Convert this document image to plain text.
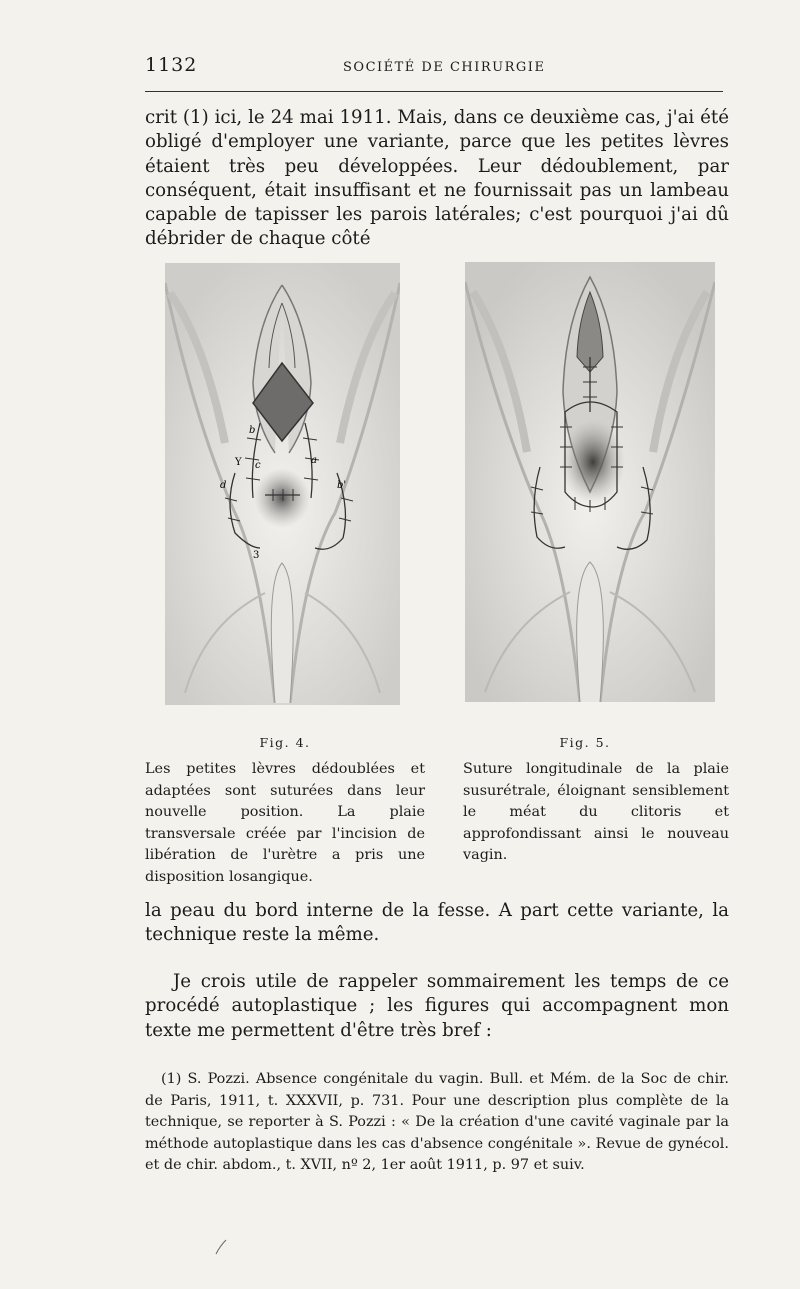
1132	SOCIÉTÉ DE CHIRURGIE

crit (1) ici, le 24 mai 1911. Mais, dans ce deuxième cas, j'ai été obligé d'employer une variante, parce que les petites lèvres étaient très peu développées. Leur dédoublement, par conséquent, était insuffisant et ne fournissait pas un lambeau capable de tapisser les parois latérales; c'est pourquoi j'ai dû débrider de chaque côté

b
c	a
d
Y
b'
3
Fig. 4.	Fig. 5.

Les petites lèvres dédoublées et adaptées sont suturées dans leur nouvelle position. La plaie transversale créée par l'incision de libération de l'urètre a pris une disposition losangique.

Suture longitudinale de la plaie susurétrale, éloignant sensiblement le méat du clitoris et approfondissant ainsi le nouveau vagin.

la peau du bord interne de la fesse. A part cette variante, la technique reste la même.

Je crois utile de rappeler sommairement les temps de ce procédé autoplastique ; les figures qui accompagnent mon texte me permettent d'être très bref :

(1) S. Pozzi. Absence congénitale du vagin. Bull. et Mém. de la Soc de chir. de Paris, 1911, t. XXXVII, p. 731. Pour une description plus complète de la technique, se reporter à S. Pozzi : « De la création d'une cavité vaginale par la méthode autoplastique dans les cas d'absence congénitale ». Revue de gynécol. et de chir. abdom., t. XVII, nº 2, 1er août 1911, p. 97 et suiv.
